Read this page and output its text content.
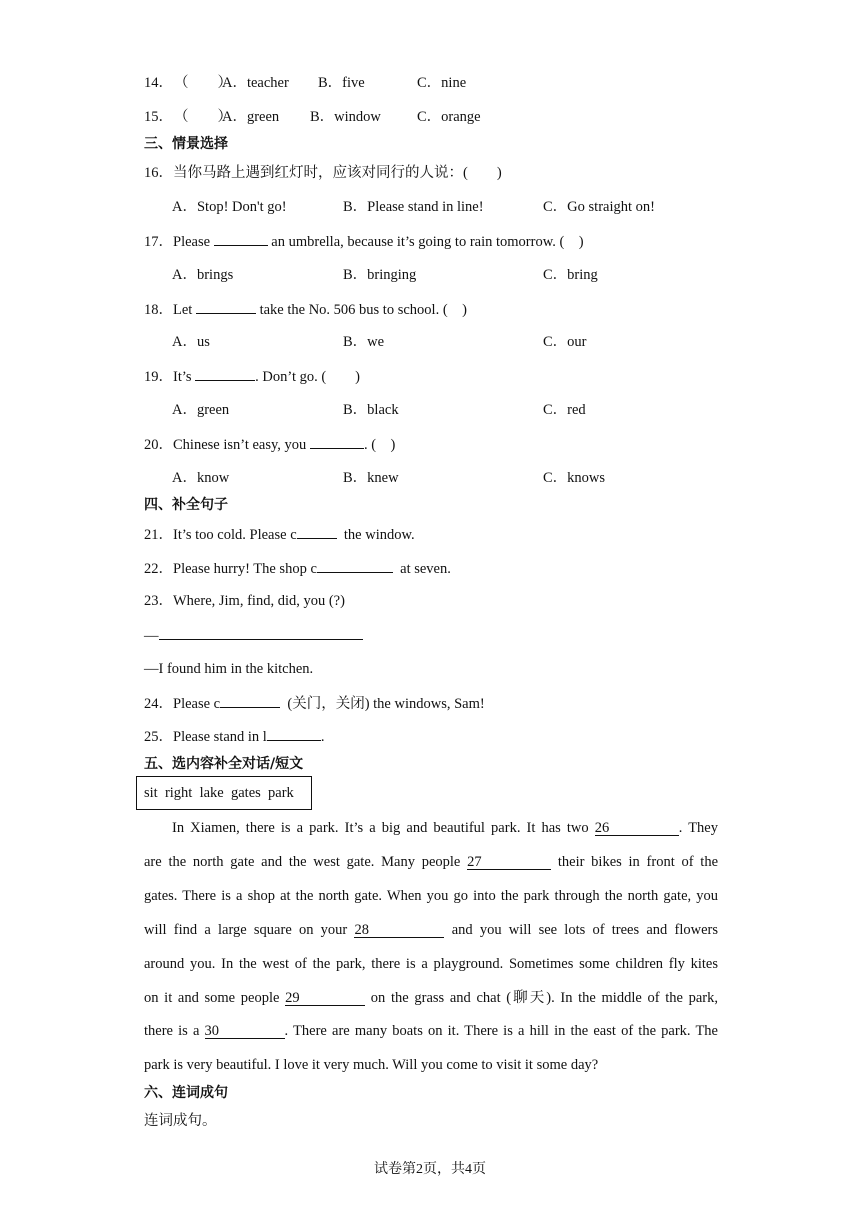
14． （　　）
A．teacher B．five	C．nine
15． （　　）
A．green B．window C．orange
三、情景选择
16．当你马路上遇到红灯时，应该对同行的人说：(　　)
A．Stop! Don't go!	B．Please stand in line!	C．Go straight on!
17．Please	an umbrella, because it’s going to rain tomorrow. (　)
A．brings	B．bringing	C．bring
18．Let	take the No. 506 bus to school. (　)
A．us	B．we	C．our
19．It’s	. Don’t go. (　　)
A．green	B．black	C．red
20．Chinese isn’t easy, you	. (　)
A．know	B．knew	C．knows
四、补全句子
21．It’s too cold. Please c	the window.
22．Please hurry! The shop c	at seven.
23．Where, Jim, find, did, you (?)
—
—I found him in the kitchen.
24．Please c	(关门，关闭) the windows, Sam!
25．Please stand in l	.
五、选内容补全对话/短文
sit  right  lake  gates  park
In Xiamen, there is a park. It’s a big and beautiful park. It has two 26	. They
are the north gate and the west gate. Many people 27	their bikes in front of the
gates. There is a shop at the north gate. When you go into the park through the north gate, you
will find a large square on your 28	and you will see lots of trees and flowers
around you. In the west of the park, there is a playground. Sometimes some children fly kites
on it and some people 29	on the grass and chat (聊天). In the middle of the park,
there is a 30	. There are many boats on it. There is a hill in the east of the park. The
park is very beautiful. I love it very much. Will you come to visit it some day?
六、连词成句
连词成句。
试卷第2页，共4页
